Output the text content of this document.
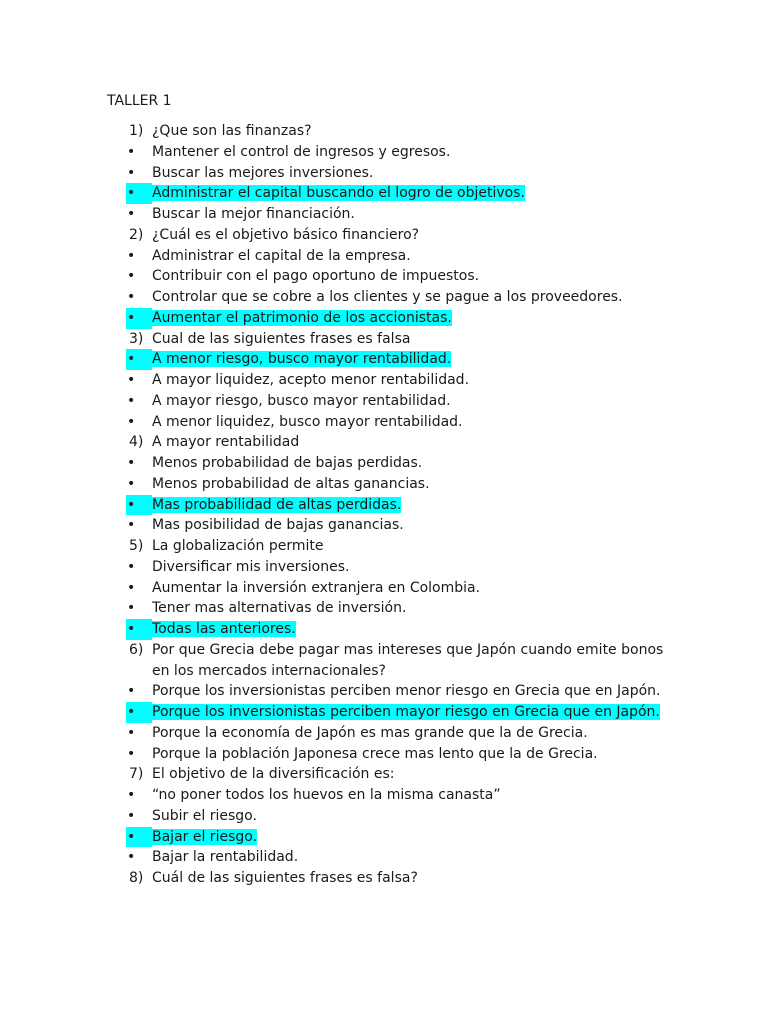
TALLER 1
1) ¿Que son las finanzas?
•	Mantener el control de ingresos y egresos.
•	Buscar las mejores inversiones.
•	Administrar el capital buscando el logro de objetivos.
•	Buscar la mejor financiación.
2) ¿Cuál es el objetivo básico financiero?
•	Administrar el capital de la empresa.
•	Contribuir con el pago oportuno de impuestos.
•	Controlar que se cobre a los clientes y se pague a los proveedores.
•	Aumentar el patrimonio de los accionistas.
3) Cual de las siguientes frases es falsa
•	A menor riesgo, busco mayor rentabilidad.
•	A mayor liquidez, acepto menor rentabilidad.
•	A mayor riesgo, busco mayor rentabilidad.
•	A menor liquidez, busco mayor rentabilidad.
4) A mayor rentabilidad
•	Menos probabilidad de bajas perdidas.
•	Menos probabilidad de altas ganancias.
•	Mas probabilidad de altas perdidas.
•	Mas posibilidad de bajas ganancias.
5) La globalización permite
•	Diversificar mis inversiones.
•	Aumentar la inversión extranjera en Colombia.
•	Tener mas alternativas de inversión.
•	Todas las anteriores.
6) Por que Grecia debe pagar mas intereses que Japón cuando emite bonos en los mercados internacionales?
•	Porque los inversionistas perciben menor riesgo en Grecia que en Japón.
•	Porque los inversionistas perciben mayor riesgo en Grecia que en Japón.
•	Porque la economía de Japón es mas grande que la de Grecia.
•	Porque la población Japonesa crece mas lento que la de Grecia.
7) El objetivo de la diversificación es:
•	“no poner todos los huevos en la misma canasta”
•	Subir el riesgo.
•	Bajar el riesgo.
•	Bajar la rentabilidad.
8) Cuál de las siguientes frases es falsa?
